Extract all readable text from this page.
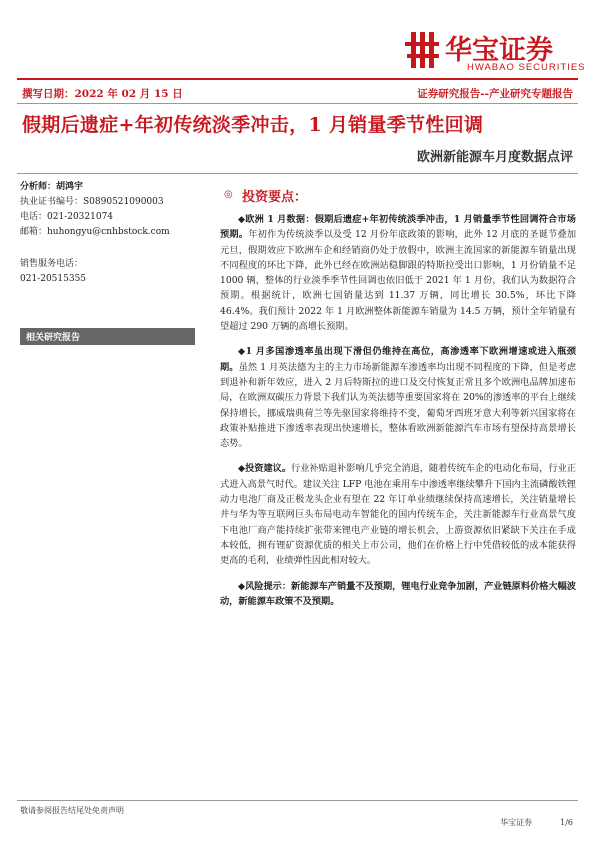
华宝证券
HWABAO SECURITIES
撰写日期：2022 年 02 月 15 日	证券研究报告--产业研究专题报告
假期后遗症+年初传统淡季冲击，1 月销量季节性回调
欧洲新能源车月度数据点评
分析师：胡鸿宇
执业证书编号：S0890521090003
电话：021-20321074
邮箱：huhongyu@cnhbstock.com
销售服务电话：
021-20515355
相关研究报告
◎ 投资要点：

◆欧洲 1 月数据：假期后遗症+年初传统淡季冲击，1 月销量季节性回调符合市场预期。年初作为传统淡季以及受 12 月份年底政策的影响，此外 12 月底的圣诞节叠加元旦，假期效应下欧洲车企和经销商仍处于放假中，欧洲主流国家的新能源车销量出现不同程度的环比下降，此外已经在欧洲站稳脚跟的特斯拉受出口影响，1 月份销量不足 1000 辆，整体的行业淡季季节性回调也依旧低于 2021 年 1 月份，我们认为数据符合预期。根据统计，欧洲七国销量达到 11.37 万辆，同比增长 30.5%，环比下降 46.4%。我们预计 2022 年 1 月欧洲整体新能源车销量为 14.5 万辆，预计全年销量有望超过 290 万辆的高增长预期。

◆1 月多国渗透率虽出现下滑但仍维持在高位，高渗透率下欧洲增速或进入瓶颈期。虽然 1 月英法德为主的主力市场新能源车渗透率均出现不同程度的下降，但是考虑到退补和新年效应，进入 2 月后特斯拉的进口及交付恢复正常且多个欧洲电品牌加速布局，在欧洲双碳压力背景下我们认为英法德等重要国家将在 20%的渗透率的平台上继续保持增长，挪威瑞典荷兰等先驱国家将维持不变，葡萄牙西班牙意大利等新兴国家将在政策补贴推进下渗透率表现出快速增长，整体看欧洲新能源汽车市场有望保持高景增长态势。

◆投资建议。行业补贴退补影响几乎完全消退，随着传统车企的电动化布局，行业正式进入高景气时代。建议关注 LFP 电池在乘用车中渗透率继续攀升下国内主流磷酸铁锂动力电池厂商及正极龙头企业有望在 22 年订单业绩继续保持高速增长，关注销量增长并与华为等互联网巨头布局电动车智能化的国内传统车企，关注新能源车行业高景气度下电池厂商产能持续扩张带来锂电产业链的增长机会，上游资源依旧紧缺下关注在手成本较低，拥有锂矿资源优质的相关上市公司，他们在价格上行中凭借较低的成本能获得更高的毛利，业绩弹性因此相对较大。

◆风险提示：新能源车产销量不及预期，锂电行业竞争加剧，产业链原料价格大幅波动，新能源车政策不及预期。

敬请参阅报告结尾处免责声明
华宝证券	1/6
